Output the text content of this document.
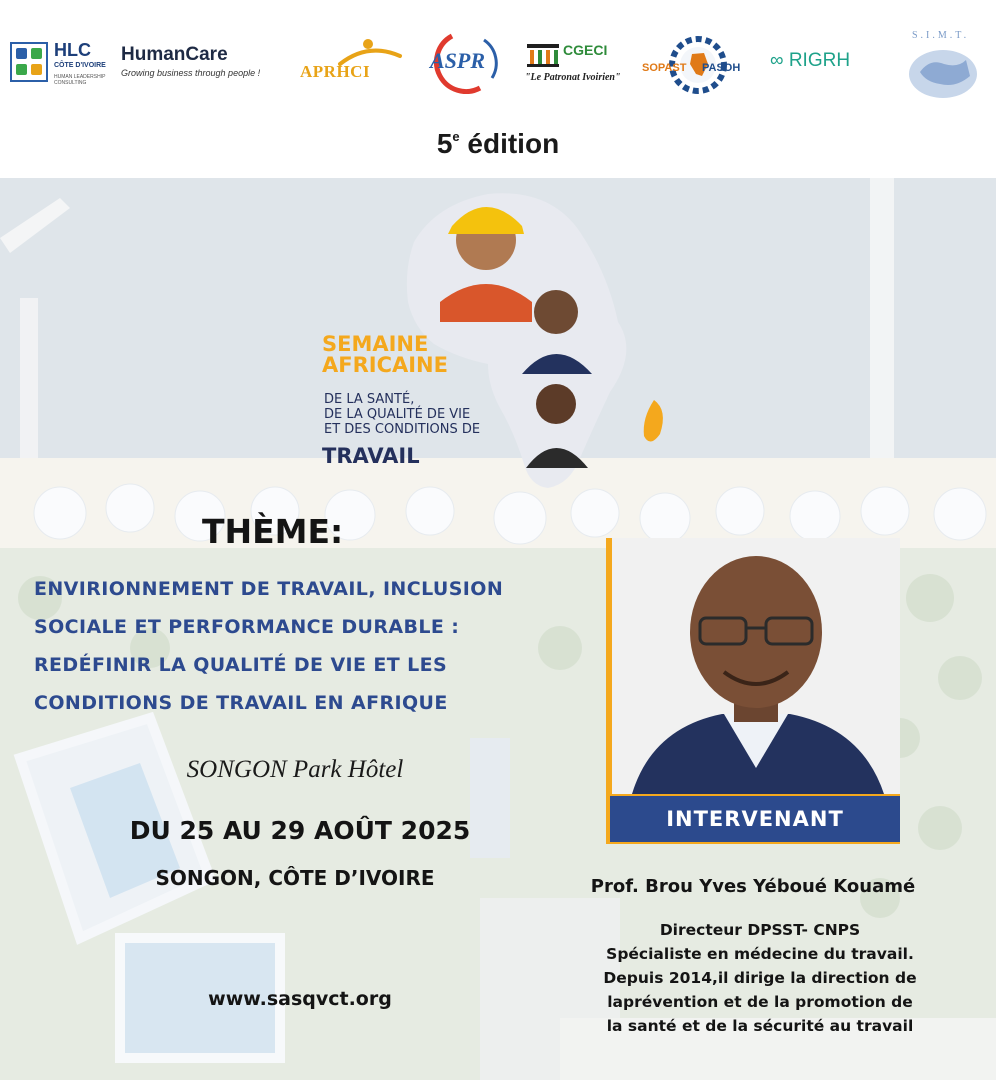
HLC
CÔTE D'IVOIRE
HUMAN LEADERSHIP CONSULTING
HumanCare
Growing business through people !	APRHCI	ASPR	CGECI
"Le Patronat Ivoirien"
SOPAST PASOH ∞ RIGRH
S.I.M.T.
5e édition
SEMAINE
AFRICAINE
DE LA SANTÉ,
DE LA QUALITÉ DE VIE
ET DES CONDITIONS DE
TRAVAIL
THÈME:
ENVIRIONNEMENT DE TRAVAIL, INCLUSION
SOCIALE ET PERFORMANCE DURABLE :
REDÉFINIR LA QUALITÉ DE VIE ET LES
CONDITIONS DE TRAVAIL EN AFRIQUE
SONGON Park Hôtel
DU 25 AU 29 AOÛT 2025
SONGON, CÔTE D’IVOIRE
www.sasqvct.org
INTERVENANT
Prof. Brou Yves Yéboué Kouamé
Directeur DPSST- CNPS
Spécialiste en médecine du travail.
Depuis 2014,il dirige la direction de
laprévention et de la promotion de
la santé et de la sécurité au travail
